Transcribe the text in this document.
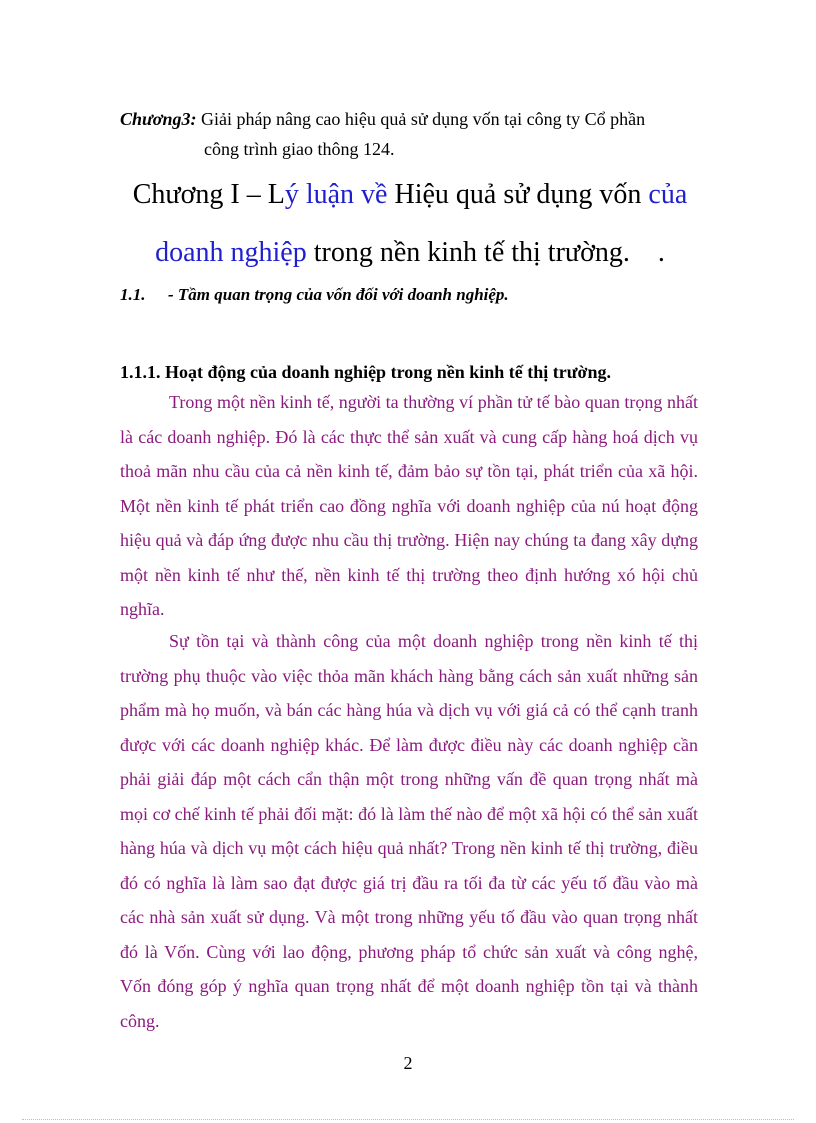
Chương3: Giải pháp nâng cao hiệu quả sử dụng vốn tại công ty Cổ phần
công trình giao thông 124.
Chương I – Lý luận về Hiệu quả sử dụng vốn của
doanh nghiệp trong nền kinh tế thị trường.    .
1.1. - Tầm quan trọng của vốn đối với doanh nghiệp.
1.1.1. Hoạt động của doanh nghiệp trong nền kinh tế thị trường.

Trong một nền kinh tế, người ta thường ví phần tử tế bào quan trọng nhất là các doanh nghiệp. Đó là các thực thể sản xuất và cung cấp hàng hoá dịch vụ thoả mãn nhu cầu của cả nền kinh tế, đảm bảo sự tồn tại, phát triển của xã hội. Một nền kinh tế phát triển cao đồng nghĩa với doanh nghiệp của nú hoạt động hiệu quả và đáp ứng được nhu cầu thị trường. Hiện nay chúng ta đang xây dựng một nền kinh tế như thế, nền kinh tế thị trường theo định hướng xó hội chủ nghĩa.

Sự tồn tại và thành công của một doanh nghiệp trong nền kinh tế thị trường phụ thuộc vào việc thỏa mãn khách hàng bằng cách sản xuất những sản phẩm mà họ muốn, và bán các hàng húa và dịch vụ với giá cả có thể cạnh tranh được với các doanh nghiệp khác. Để làm được điều này các doanh nghiệp cần phải giải đáp một cách cẩn thận một trong những vấn đề quan trọng nhất mà mọi cơ chế kinh tế phải đối mặt: đó là làm thế nào để một xã hội có thể sản xuất hàng húa và dịch vụ một cách hiệu quả nhất? Trong nền kinh tế thị trường, điều đó có nghĩa là làm sao đạt được giá trị đầu ra tối đa từ các yếu tố đầu vào mà các nhà sản xuất sử dụng. Và một trong những yếu tố đầu vào quan trọng nhất đó là Vốn. Cùng với lao động, phương pháp tổ chức sản xuất và công nghệ, Vốn đóng góp ý nghĩa quan trọng nhất để một doanh nghiệp tồn tại và thành công.

2
